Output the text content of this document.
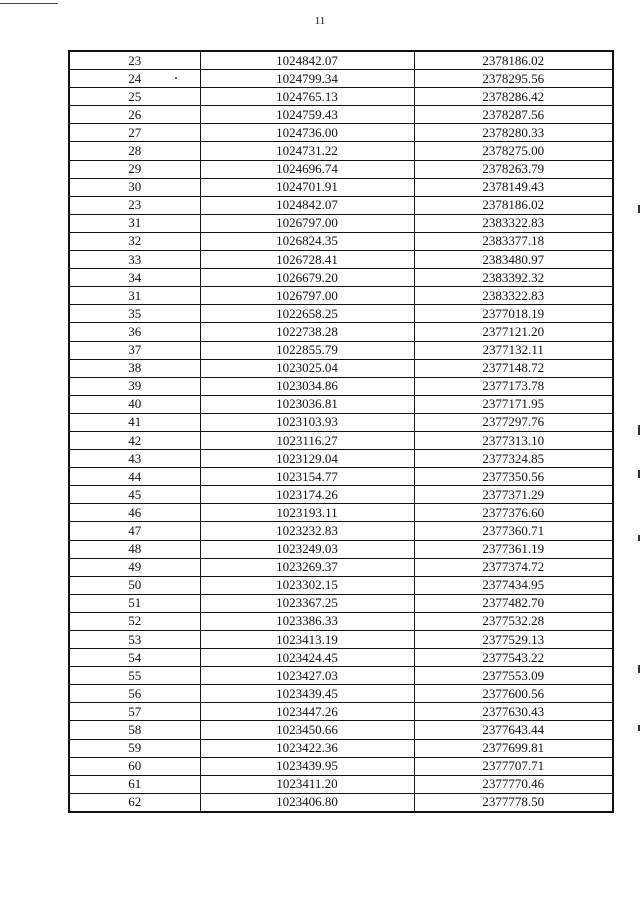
11
23	1024842.07	2378186.02
24	1024799.34	2378295.56
25	1024765.13	2378286.42
26	1024759.43	2378287.56
27	1024736.00	2378280.33
28	1024731.22	2378275.00
29	1024696.74	2378263.79
30	1024701.91	2378149.43
23	1024842.07	2378186.02
31	1026797.00	2383322.83
32	1026824.35	2383377.18
33	1026728.41	2383480.97
34	1026679.20	2383392.32
31	1026797.00	2383322.83
35	1022658.25	2377018.19
36	1022738.28	2377121.20
37	1022855.79	2377132.11
38	1023025.04	2377148.72
39	1023034.86	2377173.78
40	1023036.81	2377171.95
41	1023103.93	2377297.76
42	1023116.27	2377313.10
43	1023129.04	2377324.85
44	1023154.77	2377350.56
45	1023174.26	2377371.29
46	1023193.11	2377376.60
47	1023232.83	2377360.71
48	1023249.03	2377361.19
49	1023269.37	2377374.72
50	1023302.15	2377434.95
51	1023367.25	2377482.70
52	1023386.33	2377532.28
53	1023413.19	2377529.13
54	1023424.45	2377543.22
55	1023427.03	2377553.09
56	1023439.45	2377600.56
57	1023447.26	2377630.43
58	1023450.66	2377643.44
59	1023422.36	2377699.81
60	1023439.95	2377707.71
61	1023411.20	2377770.46
62	1023406.80	2377778.50
